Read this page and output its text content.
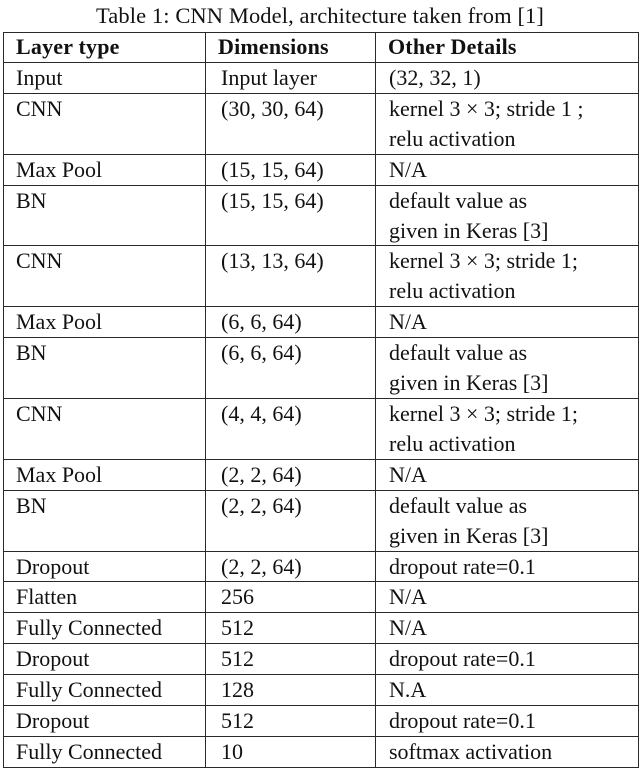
Table 1: CNN Model, architecture taken from [1]
Layer type	Dimensions	Other Details
Input	Input layer	(32, 32, 1)

CNN	(30, 30, 64)	kernel 3 × 3; stride 1 ;
relu activation

Max Pool	(15, 15, 64)	N/A

BN	(15, 15, 64)	default value as
given in Keras [3]

CNN	(13, 13, 64)	kernel 3 × 3; stride 1;
relu activation

Max Pool	(6, 6, 64)	N/A

BN	(6, 6, 64)	default value as
given in Keras [3]

CNN	(4, 4, 64)	kernel 3 × 3; stride 1;
relu activation

Max Pool	(2, 2, 64)	N/A

BN	(2, 2, 64)	default value as
given in Keras [3]

Dropout	(2, 2, 64)	dropout rate=0.1

Flatten	256	N/A

Fully Connected	512	N/A

Dropout	512	dropout rate=0.1

Fully Connected	128	N.A

Dropout	512	dropout rate=0.1

Fully Connected	10	softmax activation
